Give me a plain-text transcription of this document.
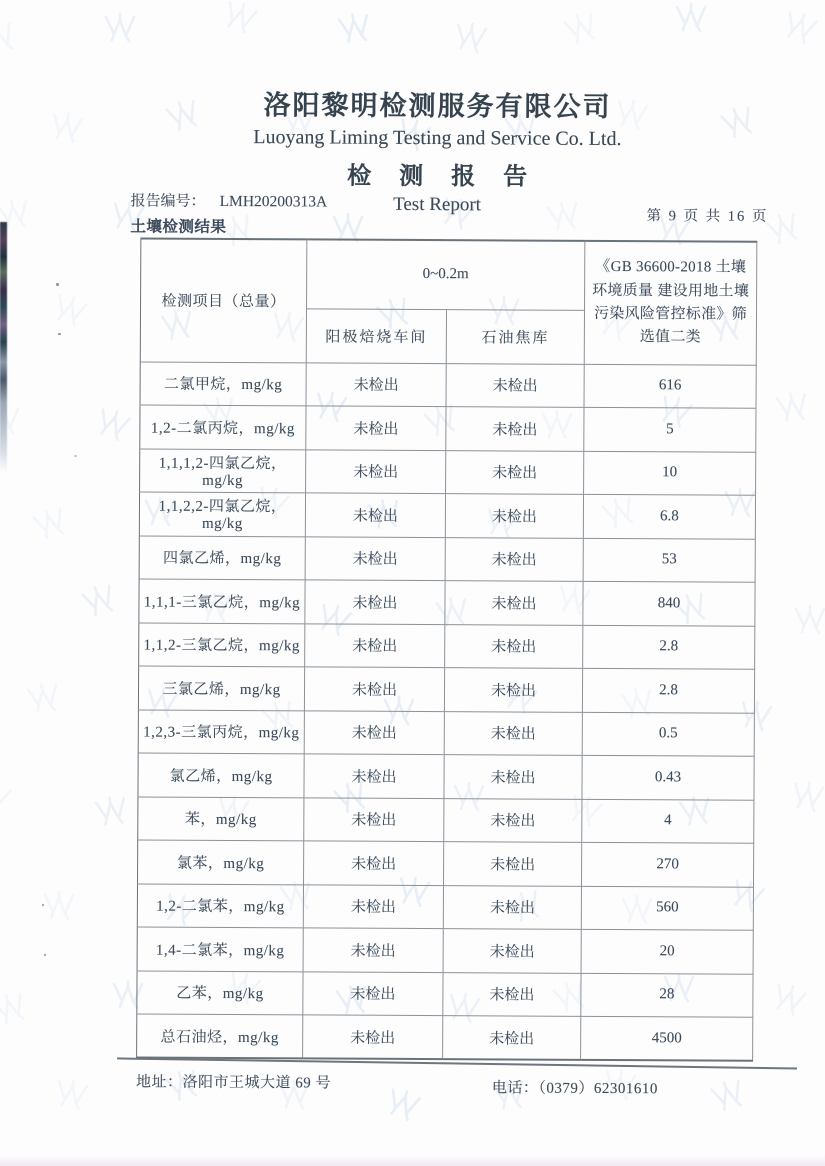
洛阳黎明检测服务有限公司
Luoyang Liming Testing and Service Co. Ltd.
检 测 报 告
Test Report
报告编号： LMH20200313A
第 9 页 共 16 页
土壤检测结果
检测项目（总量）	0~0.2m		《GB 36600-2018 土壤环境质量 建设用地土壤污染风险管控标准》筛选值二类
	阳极焙烧车间	石油焦库	
二氯甲烷，mg/kg	未检出	未检出	616
1,2-二氯丙烷，mg/kg	未检出	未检出	5
1,1,1,2-四氯乙烷，mg/kg	未检出	未检出	10
1,1,2,2-四氯乙烷，mg/kg	未检出	未检出	6.8
四氯乙烯，mg/kg	未检出	未检出	53
1,1,1-三氯乙烷，mg/kg	未检出	未检出	840
1,1,2-三氯乙烷，mg/kg	未检出	未检出	2.8
三氯乙烯，mg/kg	未检出	未检出	2.8
1,2,3-三氯丙烷，mg/kg	未检出	未检出	0.5
氯乙烯，mg/kg	未检出	未检出	0.43
苯，mg/kg	未检出	未检出	4
氯苯，mg/kg	未检出	未检出	270
1,2-二氯苯，mg/kg	未检出	未检出	560
1,4-二氯苯，mg/kg	未检出	未检出	20
乙苯，mg/kg	未检出	未检出	28
总石油烃，mg/kg	未检出	未检出	4500
地址：洛阳市王城大道 69 号	电话：（0379）62301610
